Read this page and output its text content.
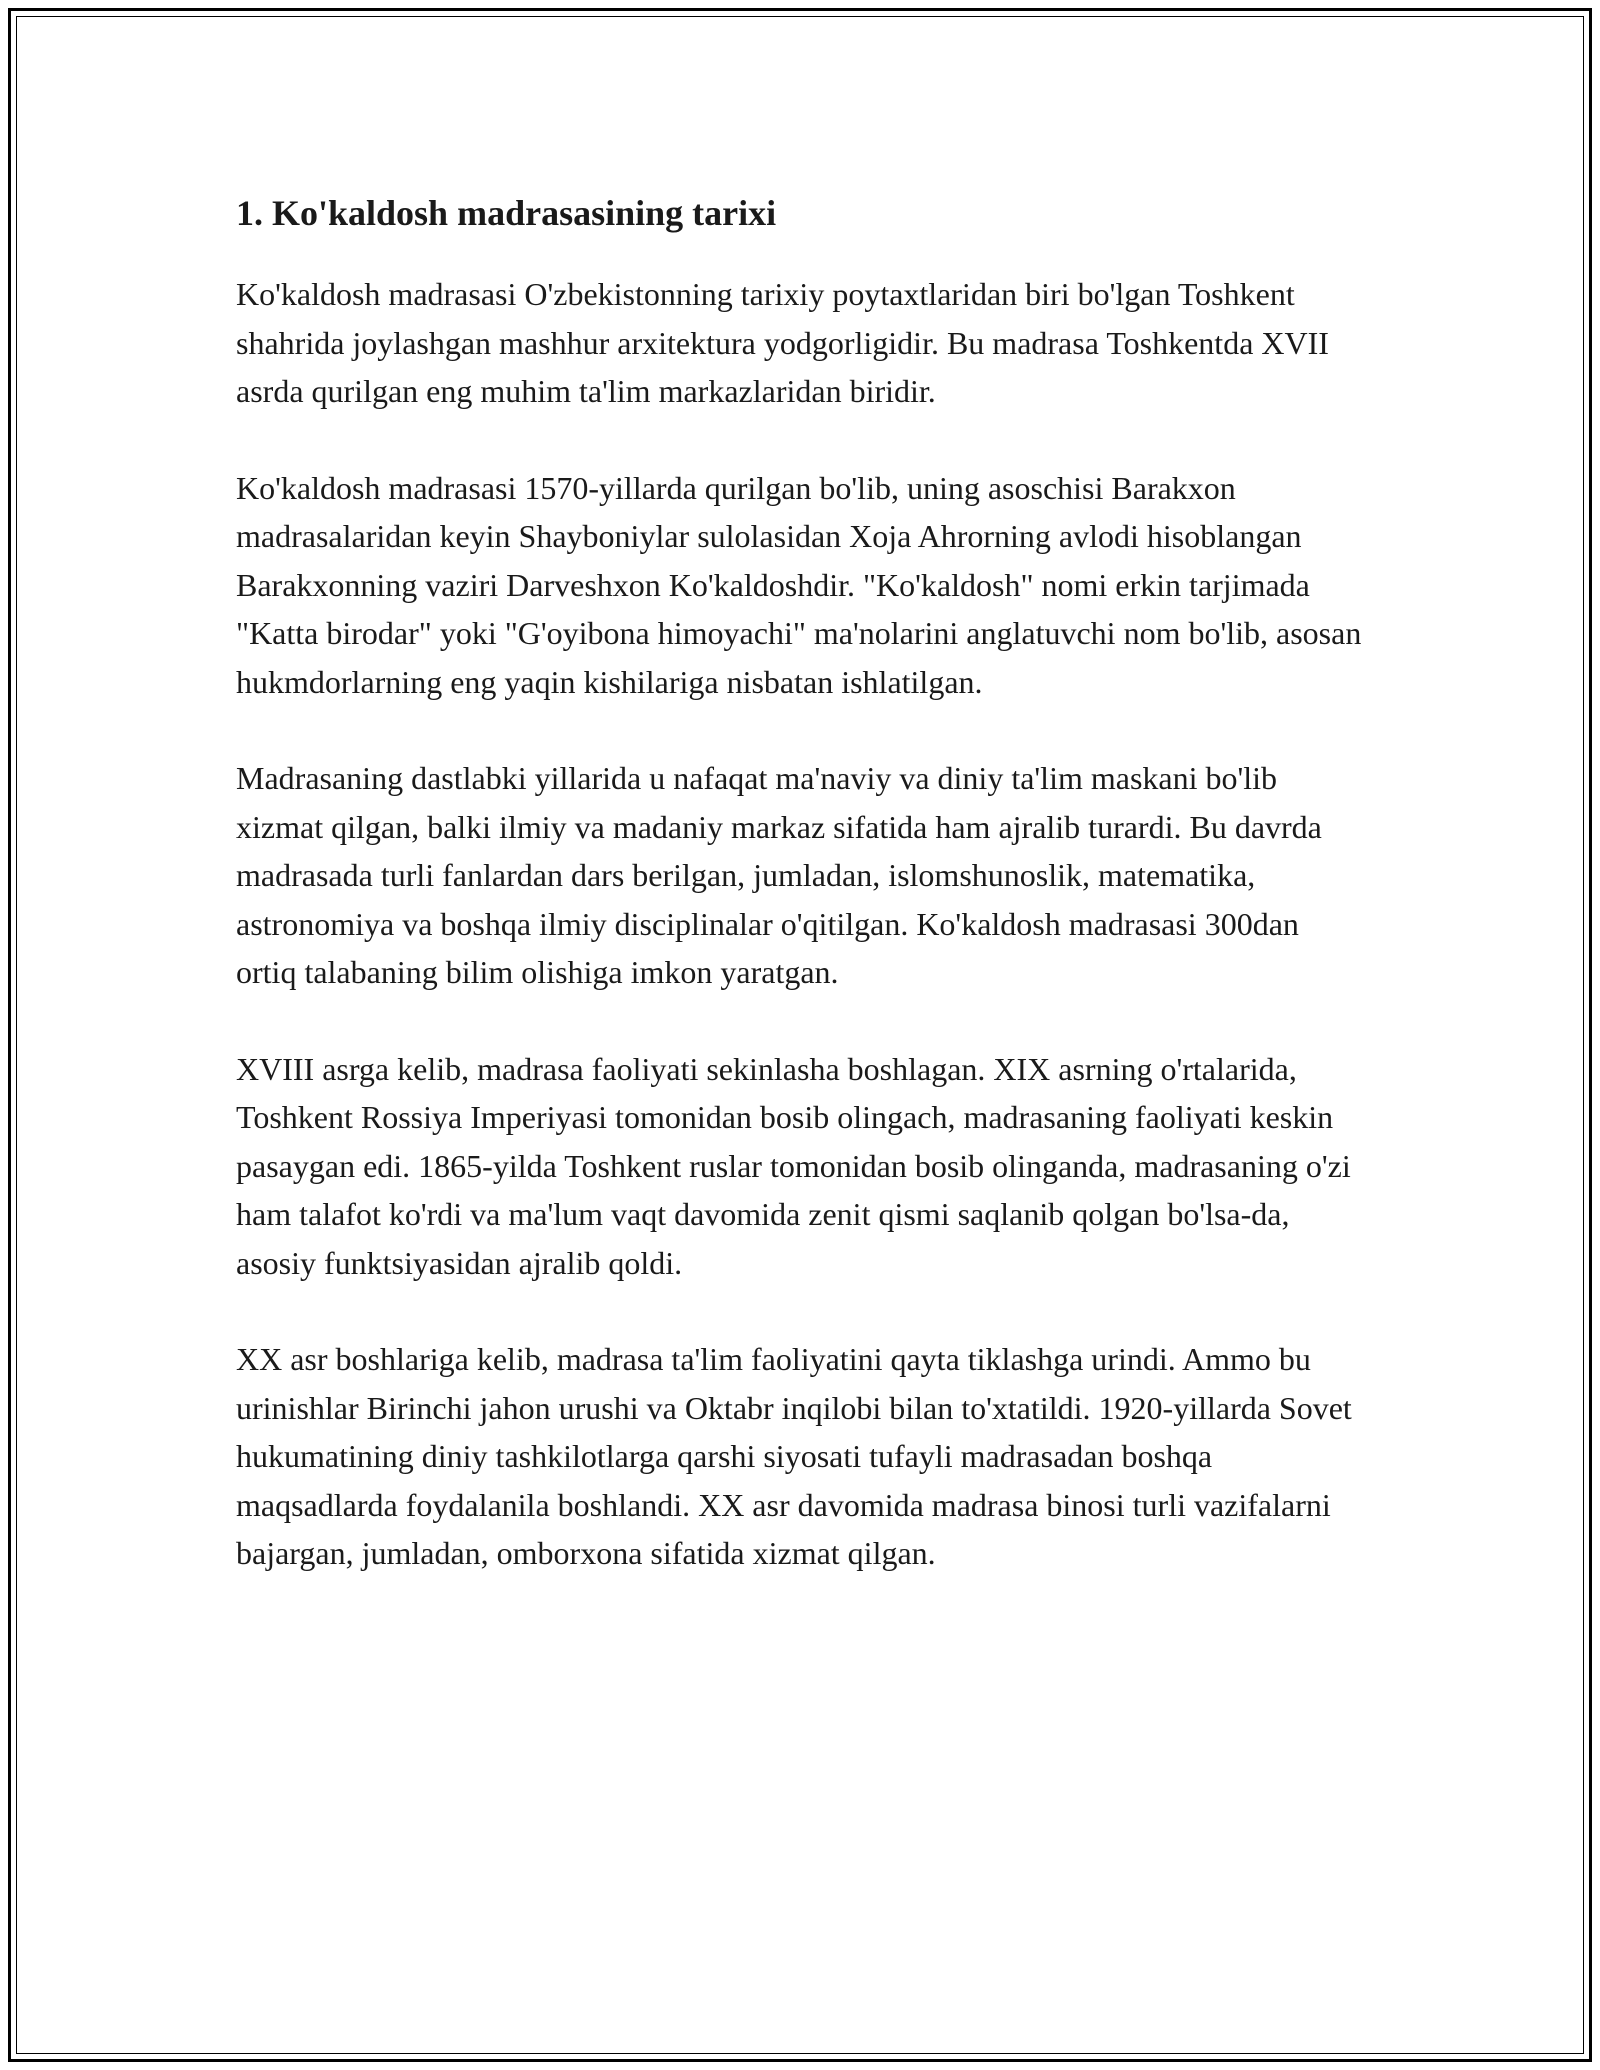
1. Ko'kaldosh madrasasining tarixi

Ko'kaldosh madrasasi O'zbekistonning tarixiy poytaxtlaridan biri bo'lgan Toshkent shahrida joylashgan mashhur arxitektura yodgorligidir. Bu madrasa Toshkentda XVII asrda qurilgan eng muhim ta'lim markazlaridan biridir.

Ko'kaldosh madrasasi 1570-yillarda qurilgan bo'lib, uning asoschisi Barakxon madrasalaridan keyin Shayboniylar sulolasidan Xoja Ahrorning avlodi hisoblangan Barakxonning vaziri Darveshxon Ko'kaldoshdir. "Ko'kaldosh" nomi erkin tarjimada "Katta birodar" yoki "G'oyibona himoyachi" ma'nolarini anglatuvchi nom bo'lib, asosan hukmdorlarning eng yaqin kishilariga nisbatan ishlatilgan.

Madrasaning dastlabki yillarida u nafaqat ma'naviy va diniy ta'lim maskani bo'lib xizmat qilgan, balki ilmiy va madaniy markaz sifatida ham ajralib turardi. Bu davrda madrasada turli fanlardan dars berilgan, jumladan, islomshunoslik, matematika, astronomiya va boshqa ilmiy disciplinalar o'qitilgan. Ko'kaldosh madrasasi 300dan ortiq talabaning bilim olishiga imkon yaratgan.

XVIII asrga kelib, madrasa faoliyati sekinlasha boshlagan. XIX asrning o'rtalarida, Toshkent Rossiya Imperiyasi tomonidan bosib olingach, madrasaning faoliyati keskin pasaygan edi. 1865-yilda Toshkent ruslar tomonidan bosib olinganda, madrasaning o'zi ham talafot ko'rdi va ma'lum vaqt davomida zenit qismi saqlanib qolgan bo'lsa-da, asosiy funktsiyasidan ajralib qoldi.

XX asr boshlariga kelib, madrasa ta'lim faoliyatini qayta tiklashga urindi. Ammo bu urinishlar Birinchi jahon urushi va Oktabr inqilobi bilan to'xtatildi. 1920-yillarda Sovet hukumatining diniy tashkilotlarga qarshi siyosati tufayli madrasadan boshqa maqsadlarda foydalanila boshlandi. XX asr davomida madrasa binosi turli vazifalarni bajargan, jumladan, omborxona sifatida xizmat qilgan.
